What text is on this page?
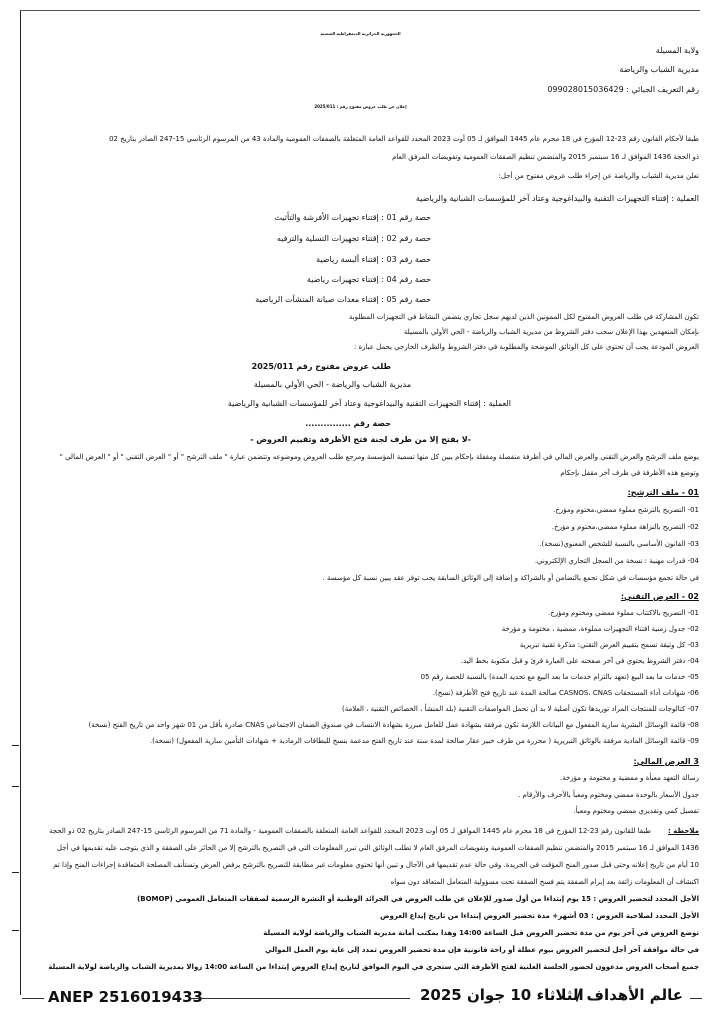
الجمهورية الجزائرية الديمقراطية الشعبية
ولاية المسيلة
مديرية الشباب والرياضة
رقم التعريف الجبائي : 099028015036429
إعلان عن طلب عروض مفتوح رقم : 2025/011
طبقا لأحكام القانون رقم 23-12 المؤرخ في 18 محرم عام 1445 الموافق لـ 05 أوت 2023 المحدد للقواعد العامة المتعلقة بالصفقات العمومية والمادة 43 من المرسوم الرئاسي 15-247 الصادر بتاريخ 02
ذو الحجة 1436 الموافق لـ 16 سبتمبر 2015 والمتضمن تنظيم الصفقات العمومية وتفويضات المرفق العام
تعلن مديرية الشباب والرياضة عن إجراء طلب عروض مفتوح من أجل:
العملية : إقتناء التجهيزات التقنية والبيداغوجية وعتاد آخر للمؤسسات الشبانية والرياضية
حصة رقم 01 : إقتناء تجهيزات الأفرشة والتأثيث
حصة رقم 02 : إقتناء تجهيزات التسلية والترفيه
حصة رقم 03 : إقتناء ألبسة رياضية
حصة رقم 04 : إقتناء تجهيزات رياضية
حصة رقم 05 : إقتناء معدات صيانة المنشآت الرياضية
تكون المشاركة في طلب العروض المفتوح لكل الممونين الذين لديهم سجل تجاري يتضمن النشاط في التجهيزات المطلوبة
بإمكان المتعهدين بهذا الإعلان سحب دفتر الشروط من مديرية الشباب والرياضة - الحي الأولي بالمسيلة
العروض المودعة يجب أن تحتوي على كل الوثائق الموضحة والمطلوبة في دفتر الشروط والظرف الخارجي يحمل عبارة :
طلب عروض مفتوح رقم 2025/011
مديرية الشباب والرياضة - الحي الأولي بالمسيلة
العملية : إقتناء التجهيزات التقنية والبيداغوجية وعتاد آخر للمؤسسات الشبانية والرياضية
حصة رقم ...............
-لا يفتح إلا من طرف لجنة فتح الأظرفة وتقييم العروض -
يوضع ملف الترشح والعرض التقني والعرض المالي في أظرفة منفصلة ومقفلة بإحكام يبين كل منها تسمية المؤسسة ومرجع طلب العروض وموضوعه وتتضمن عبارة " ملف الترشح " أو " العرض التقني " أو " العرض المالي "
وتوضع هذه الأظرفة في ظرف آخر مقفل بإحكام
01 - ملف الترشح:
01- التصريح بالترشح مملوء ممضي،مختوم ومؤرخ.
02- التصريح بالنزاهة مملوء ممضي،مختوم و مؤرخ.
03- القانون الأساسي بالنسبة للشخص المعنوي(نسخة).
04- قدرات مهنية : نسخة من السجل التجاري الإلكتروني.
في حالة تجمع مؤسسات في شكل تجمع بالتضامن أو بالشراكة و إضافة إلى الوثائق السابقة يجب توفر عقد يبين نسبة كل مؤسسة .
02 - العرض التقني:
01- التصريح بالاكتتاب مملوء ممضي ومختوم ومؤرخ.
02- جدول زمنية اقتناء التجهيزات مملوءة، ممضية ، مختومة و مؤرخة
03- كل وثيقة تسمح بتقييم العرض التقني: مذكرة تقنية تبريرية
04- دفتر الشروط يحتوي في آخر صفحته على العبارة قرئ و قبل مكتوبة بخط اليد.
05- خدمات ما بعد البيع (تعهد بالتزام خدمات ما بعد البيع مع تحديد المدة) بالنسبة للحصة رقم 05
06- شهادات أداء المستحقات CASNOS، CNAS صالحة المدة عند تاريخ فتح الأظرفة (نسخ).
07- كتالوجات للمنتجات المراد توريدها تكون أصلية لا بد أن تحمل المواصفات التقنية (بلد المنشأ ، الخصائص التقنية ، العلامة)
08- قائمة الوسائل البشرية سارية المفعول مع البيانات اللازمة تكون مرفقة بشهادة عمل للعامل مبررة بشهادة الانتساب في صندوق الضمان الاجتماعي CNAS صادرة بأقل من 01 شهر واحد من تاريخ الفتح (نسخة)
09- قائمة الوسائل المادية مرفقة بالوثائق التبريرية ( محررة من طرف خبير عقار صالحة لمدة سنة عند تاريخ الفتح مدعمة بنسخ للبطاقات الرمادية + شهادات التأمين سارية المفعول) (نسخة).
3 العرض المالي:
رسالة التعهد معبأة و ممضية و مختومة و مؤرخة.
جدول الأسعار بالوحدة ممضي ومختوم ومعبأ بالأحرف والأرقام .
تفصيل كمي وتقديري ممضي ومختوم ومعبأ.
ملاحظة :
طبقا للقانون رقم 23-12 المؤرخ في 18 محرم عام 1445 الموافق لـ 05 أوت 2023 المحدد للقواعد العامة المتعلقة بالصفقات العمومية - والمادة 71 من المرسوم الرئاسي 15-247 الصادر بتاريخ 02 ذو الحجة
1436 الموافق لـ 16 سبتمبر 2015 والمتضمن تنظيم الصفقات العمومية وتفويضات المرفق العام لا تطلب الوثائق التي تبرر المعلومات التي في التصريح بالترشح إلا من الحائز على الصفقة و الذي يتوجب عليه تقديمها في أجل
10 أيام من تاريخ إعلانه وحتى قبل صدور المنح المؤقت في الجريدة. وفي حالة عدم تقديمها في الآجال و تبين أنها تحتوي معلومات غير مطابقة للتصريح بالترشح يرفض العرض وتستأنف المصلحة المتعاقدة إجراءات المنح وإذا تم
اكتشاف أن المعلومات زائفة بعد إبرام الصفقة يتم فسخ الصفقة تحت مسؤولية المتعامل المتعاقد دون سواه
الأجل المحدد لتحضير العروض : 15 يوم إبتداءا من أول صدور للإعلان عن طلب العروض في الجرائد الوطنية أو النشرة الرسمية لصفقات المتعامل العمومي (BOMOP)
الأجل المحدد لصلاحية العروض : 03 أشهر+ مدة تحضير العروض إبتداءا من تاريخ إيداع العروض
توضع العروض في آخر يوم من مدة تحضير العروض قبل الساعة 14:00 وهذا بمكتب أمانة مديرية الشباب والرياضة لولاية المسيلة
في حالة موافقة آخر أجل لتحضير العروض بيوم عطلة أو راحة قانونية فإن مدة تحضير العروض تمدد إلى غاية يوم العمل الموالي
جميع أصحاب العروض مدعوون لحضور الجلسة العلنية لفتح الأظرفة التي ستجري في اليوم الموافق لتاريخ إيداع العروض إبتداءا من الساعة 14:00 زوالا بمديرية الشباب والرياضة لولاية المسيلة
ANEP 2516019433	الثلاثاء 10 جوان 2025
عالم الأهداف /
